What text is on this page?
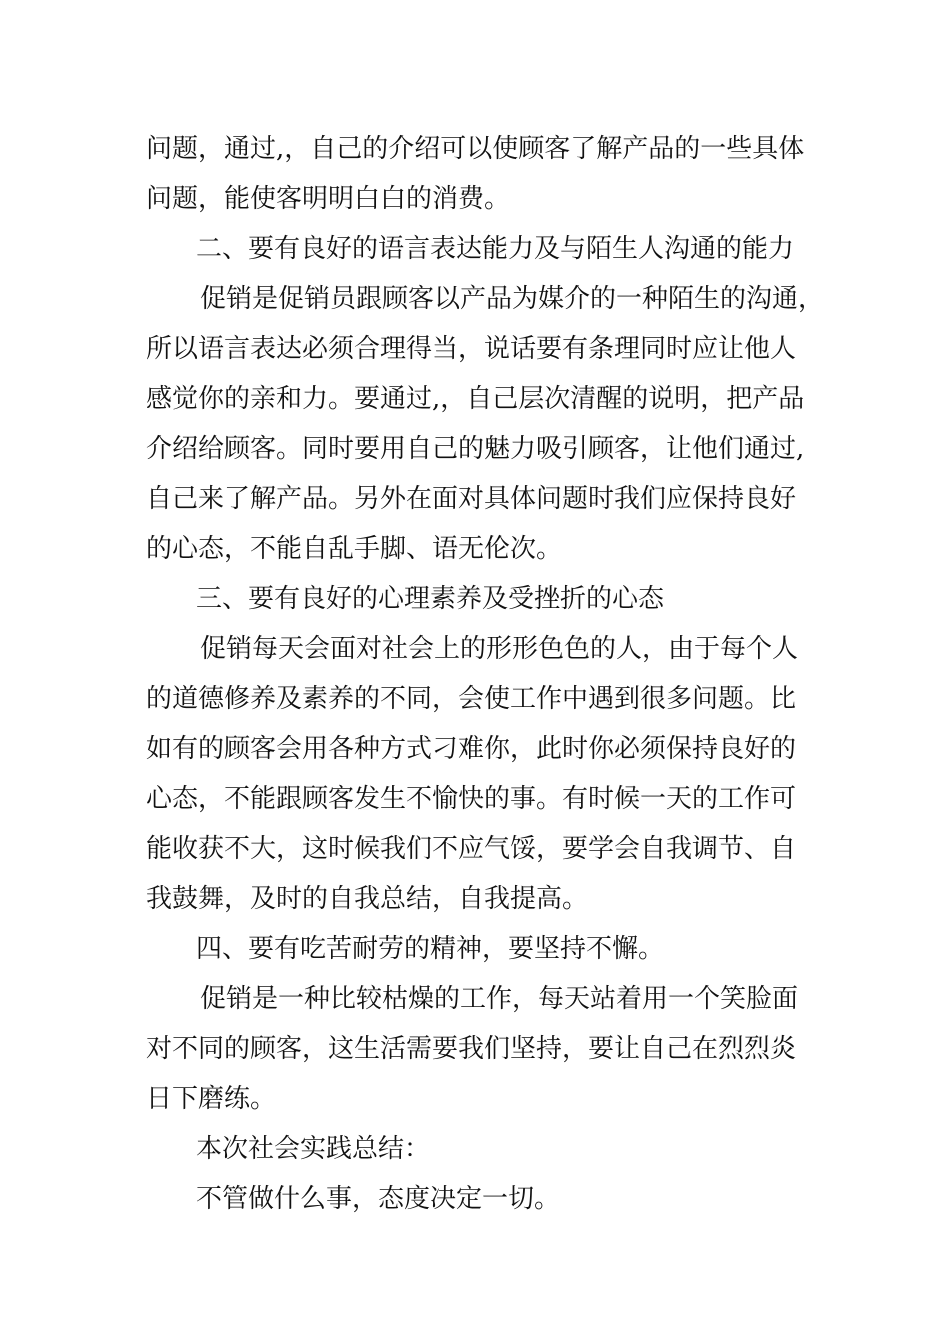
问题，通过,，自己的介绍可以使顾客了解产品的一些具体
问题，能使客明明白白的消费。
二、要有良好的语言表达能力及与陌生人沟通的能力
促销是促销员跟顾客以产品为媒介的一种陌生的沟通，
所以语言表达必须合理得当，说话要有条理同时应让他人
感觉你的亲和力。要通过,，自己层次清醒的说明，把产品
介绍给顾客。同时要用自己的魅力吸引顾客，让他们通过,
自己来了解产品。另外在面对具体问题时我们应保持良好
的心态，不能自乱手脚、语无伦次。
三、要有良好的心理素养及受挫折的心态
促销每天会面对社会上的形形色色的人，由于每个人
的道德修养及素养的不同，会使工作中遇到很多问题。比
如有的顾客会用各种方式刁难你，此时你必须保持良好的
心态，不能跟顾客发生不愉快的事。有时候一天的工作可
能收获不大，这时候我们不应气馁，要学会自我调节、自
我鼓舞，及时的自我总结，自我提高。
四、要有吃苦耐劳的精神，要坚持不懈。
促销是一种比较枯燥的工作，每天站着用一个笑脸面
对不同的顾客，这生活需要我们坚持，要让自己在烈烈炎
日下磨练。
本次社会实践总结：
不管做什么事，态度决定一切。
